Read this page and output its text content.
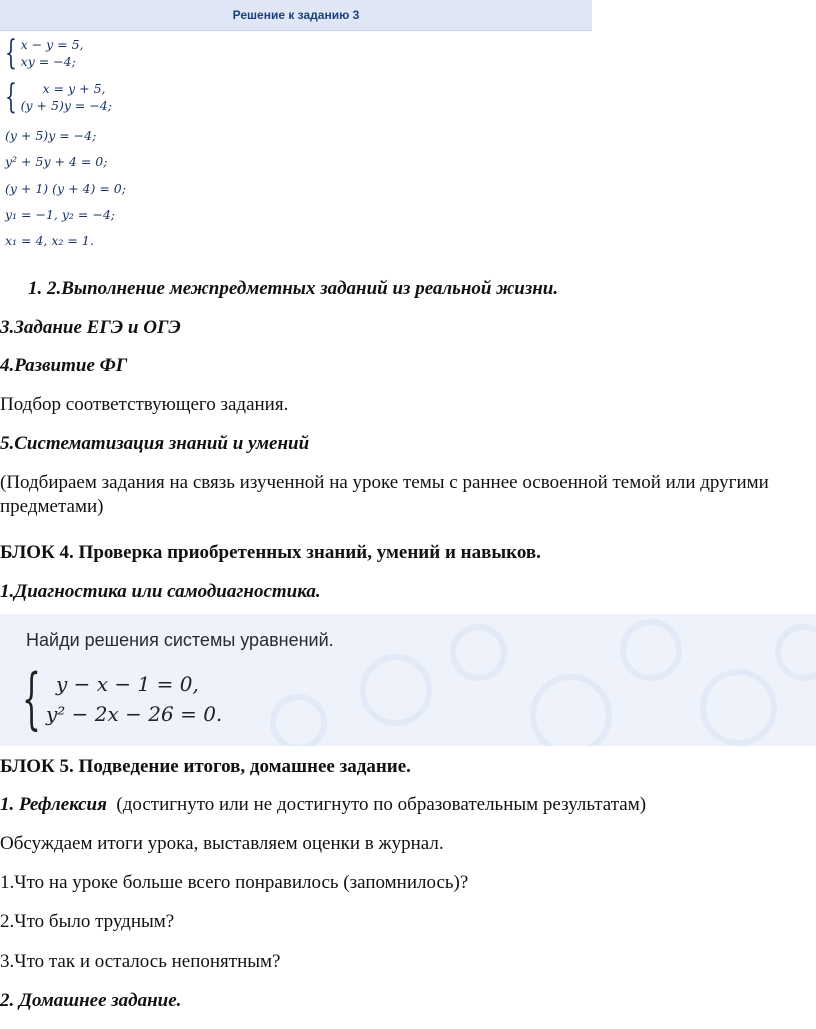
Решение к заданию 3
{ x − y = 5,
xy = −4;
{	x = y + 5,
(y + 5)y = −4;
(y + 5)y = −4;
y² + 5y + 4 = 0;
(y + 1) (y + 4) = 0;
y₁ = −1, y₂ = −4;
x₁ = 4, x₂ = 1.
1. 2.Выполнение межпредметных заданий из реальной жизни.
3.Задание ЕГЭ и ОГЭ
4.Развитие ФГ
Подбор соответствующего задания.
5.Систематизация знаний и умений
(Подбираем задания на связь изученной на уроке темы с раннее освоенной темой или другими предметами)
БЛОК 4. Проверка приобретенных знаний, умений и навыков.
1.Диагностика или самодиагностика.
Найди решения системы уравнений.
{ y − x − 1 = 0,
y² − 2x − 26 = 0.
БЛОК 5. Подведение итогов, домашнее задание.
1. Рефлексия  (достигнуто или не достигнуто по образовательным результатам)
Обсуждаем итоги урока, выставляем оценки в журнал.
1.Что на уроке больше всего понравилось (запомнилось)?
2.Что было трудным?
3.Что так и осталось непонятным?
2. Домашнее задание.
